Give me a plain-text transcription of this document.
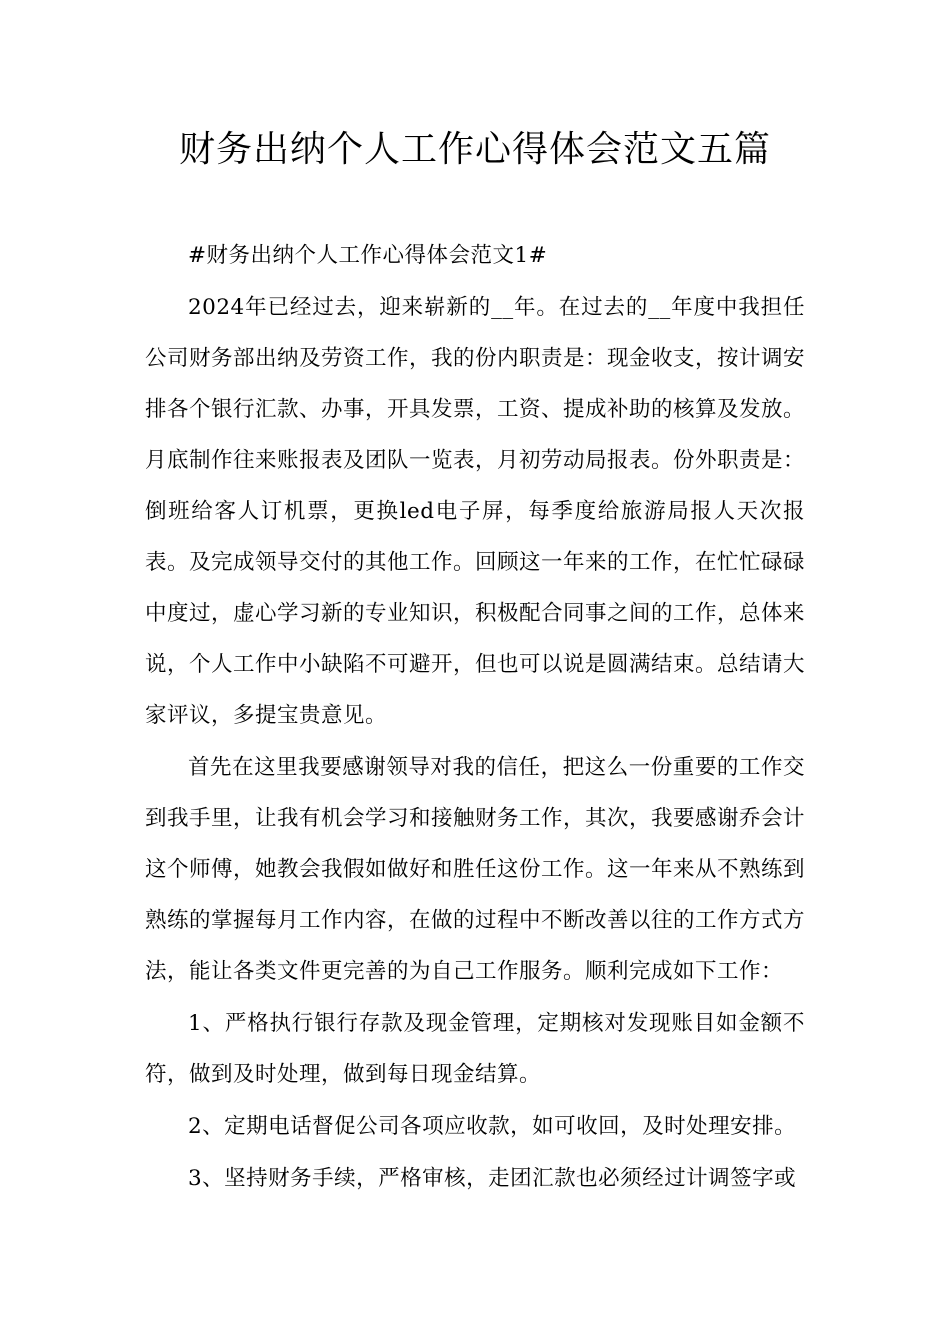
财务出纳个人工作心得体会范文五篇

#财务出纳个人工作心得体会范文1#

2024年已经过去，迎来崭新的__年。在过去的__年度中我担任公司财务部出纳及劳资工作，我的份内职责是：现金收支，按计调安排各个银行汇款、办事，开具发票，工资、提成补助的核算及发放。月底制作往来账报表及团队一览表，月初劳动局报表。份外职责是：倒班给客人订机票，更换led电子屏，每季度给旅游局报人天次报表。及完成领导交付的其他工作。回顾这一年来的工作，在忙忙碌碌中度过，虚心学习新的专业知识，积极配合同事之间的工作，总体来说，个人工作中小缺陷不可避开，但也可以说是圆满结束。总结请大家评议，多提宝贵意见。

首先在这里我要感谢领导对我的信任，把这么一份重要的工作交到我手里，让我有机会学习和接触财务工作，其次，我要感谢乔会计这个师傅，她教会我假如做好和胜任这份工作。这一年来从不熟练到熟练的掌握每月工作内容，在做的过程中不断改善以往的工作方式方法，能让各类文件更完善的为自己工作服务。顺利完成如下工作：

1、严格执行银行存款及现金管理，定期核对发现账目如金额不符，做到及时处理，做到每日现金结算。

2、定期电话督促公司各项应收款，如可收回，及时处理安排。

3、坚持财务手续，严格审核，走团汇款也必须经过计调签字或
